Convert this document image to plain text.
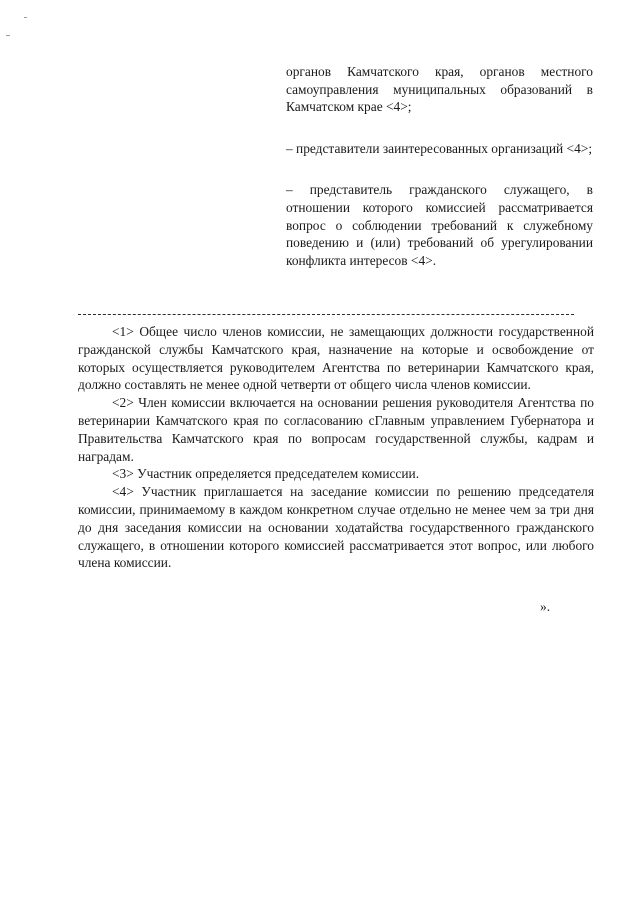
органов Камчатского края, органов местного самоуправления муниципальных образований в Камчатском крае <4>;

– представители заинтересованных организаций <4>;

– представитель гражданского служащего, в отношении которого комиссией рассматривается вопрос о соблюдении требований к служебному поведению и (или) требований об урегулировании конфликта интересов <4>.

<1> Общее число членов комиссии, не замещающих должности государственной гражданской службы Камчатского края, назначение на которые и освобождение от которых осуществляется руководителем Агентства по ветеринарии Камчатского края, должно составлять не менее одной четверти от общего числа членов комиссии.

<2> Член комиссии включается на основании решения руководителя Агентства по ветеринарии Камчатского края по согласованию сГлавным управлением Губернатора и Правительства Камчатского края по вопросам государственной службы, кадрам и наградам.

<3> Участник определяется председателем комиссии.

<4> Участник приглашается на заседание комиссии по решению председателя комиссии, принимаемому в каждом конкретном случае отдельно не менее чем за три дня до дня заседания комиссии на основании ходатайства государственного гражданского служащего, в отношении которого комиссией рассматривается этот вопрос, или любого члена комиссии.

».
